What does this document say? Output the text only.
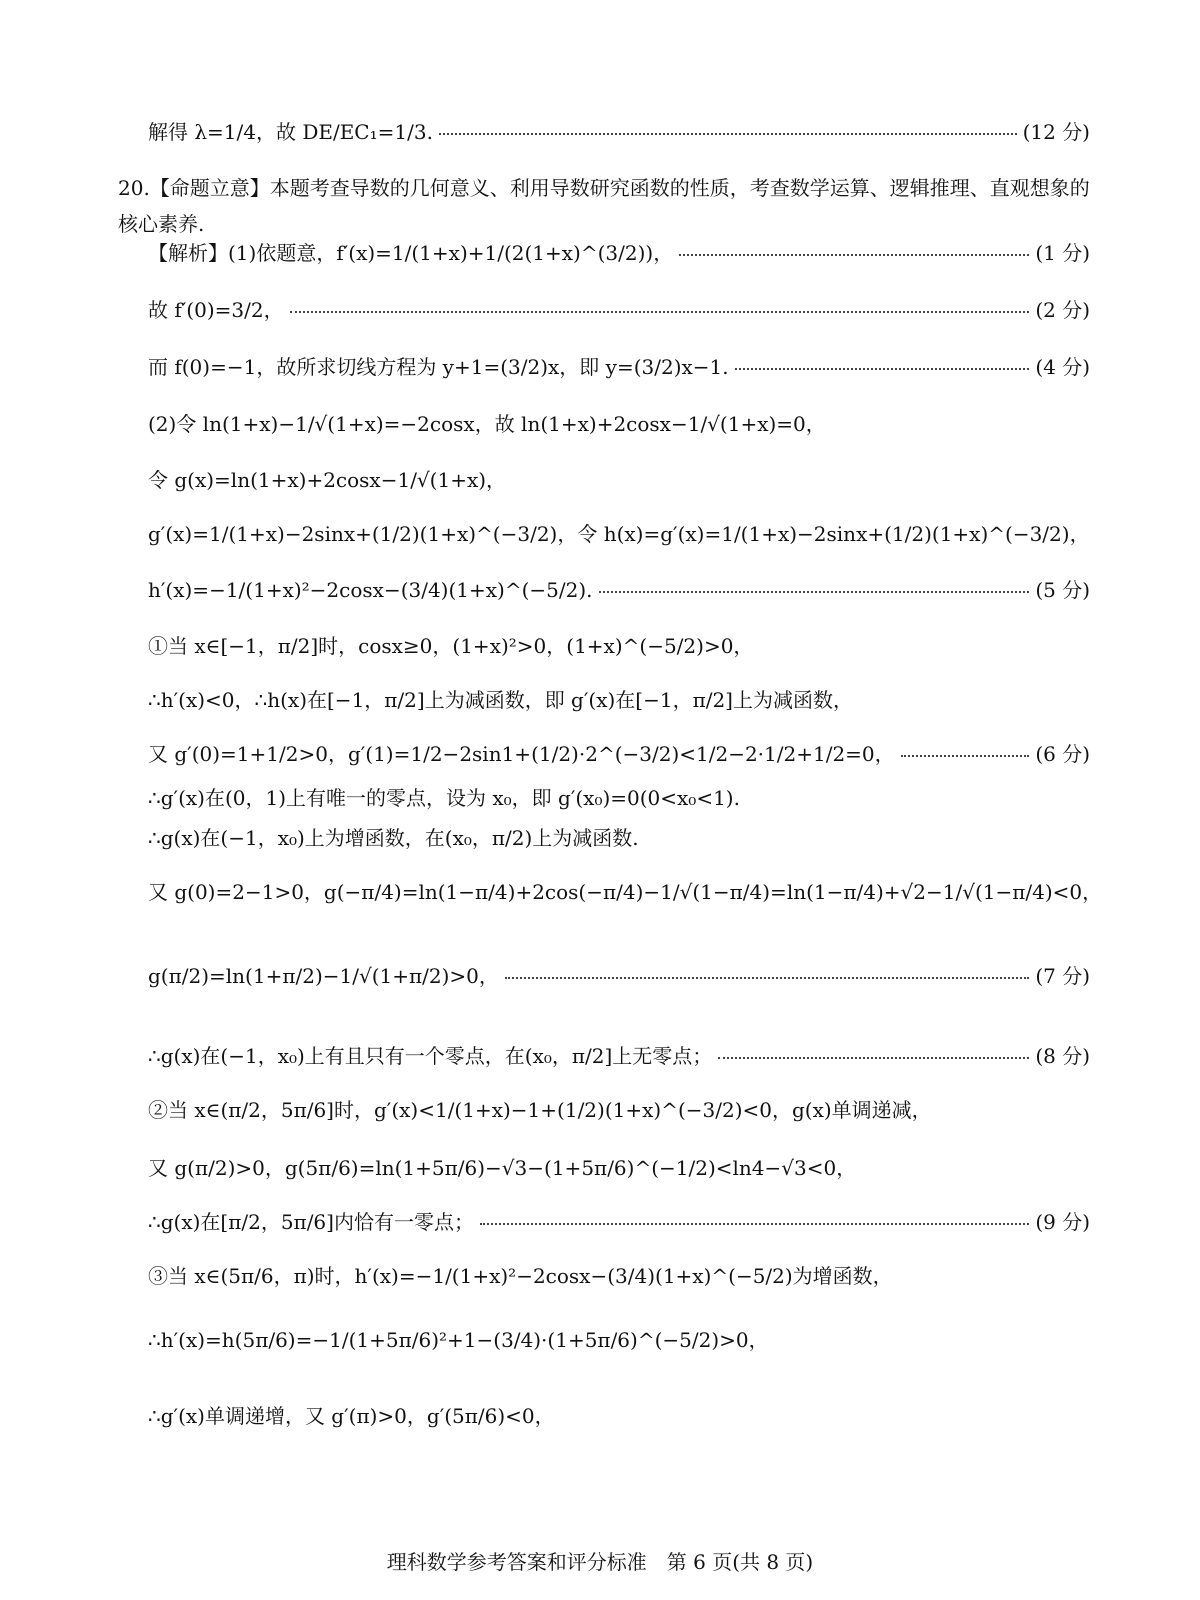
解得 λ=1/4，故 DE/EC₁=1/3.	(12 分)
20.【命题立意】本题考查导数的几何意义、利用导数研究函数的性质，考查数学运算、逻辑推理、直观想象的核心素养.
【解析】(1)依题意，f′(x)=1/(1+x)+1/(2(1+x)^(3/2))，	(1 分)
故 f′(0)=3/2，	(2 分)
而 f(0)=−1，故所求切线方程为 y+1=(3/2)x，即 y=(3/2)x−1.	(4 分)
(2)令 ln(1+x)−1/√(1+x)=−2cosx，故 ln(1+x)+2cosx−1/√(1+x)=0，
令 g(x)=ln(1+x)+2cosx−1/√(1+x)，
g′(x)=1/(1+x)−2sinx+(1/2)(1+x)^(−3/2)，令 h(x)=g′(x)=1/(1+x)−2sinx+(1/2)(1+x)^(−3/2)，
h′(x)=−1/(1+x)²−2cosx−(3/4)(1+x)^(−5/2).	(5 分)
①当 x∈[−1，π/2]时，cosx≥0，(1+x)²>0，(1+x)^(−5/2)>0，
∴h′(x)<0，∴h(x)在[−1，π/2]上为减函数，即 g′(x)在[−1，π/2]上为减函数，
又 g′(0)=1+1/2>0，g′(1)=1/2−2sin1+(1/2)·2^(−3/2)<1/2−2·1/2+1/2=0，	(6 分)
∴g′(x)在(0，1)上有唯一的零点，设为 x₀，即 g′(x₀)=0(0<x₀<1).
∴g(x)在(−1，x₀)上为增函数，在(x₀，π/2)上为减函数.
又 g(0)=2−1>0，g(−π/4)=ln(1−π/4)+2cos(−π/4)−1/√(1−π/4)=ln(1−π/4)+√2−1/√(1−π/4)<0，
g(π/2)=ln(1+π/2)−1/√(1+π/2)>0，	(7 分)
∴g(x)在(−1，x₀)上有且只有一个零点，在(x₀，π/2]上无零点；	(8 分)
②当 x∈(π/2，5π/6]时，g′(x)<1/(1+x)−1+(1/2)(1+x)^(−3/2)<0，g(x)单调递减，
又 g(π/2)>0，g(5π/6)=ln(1+5π/6)−√3−(1+5π/6)^(−1/2)<ln4−√3<0，
∴g(x)在[π/2，5π/6]内恰有一零点；	(9 分)
③当 x∈(5π/6，π)时，h′(x)=−1/(1+x)²−2cosx−(3/4)(1+x)^(−5/2)为增函数，
∴h′(x)=h(5π/6)=−1/(1+5π/6)²+1−(3/4)·(1+5π/6)^(−5/2)>0，
∴g′(x)单调递增，又 g′(π)>0，g′(5π/6)<0，
理科数学参考答案和评分标准　第 6 页(共 8 页)
